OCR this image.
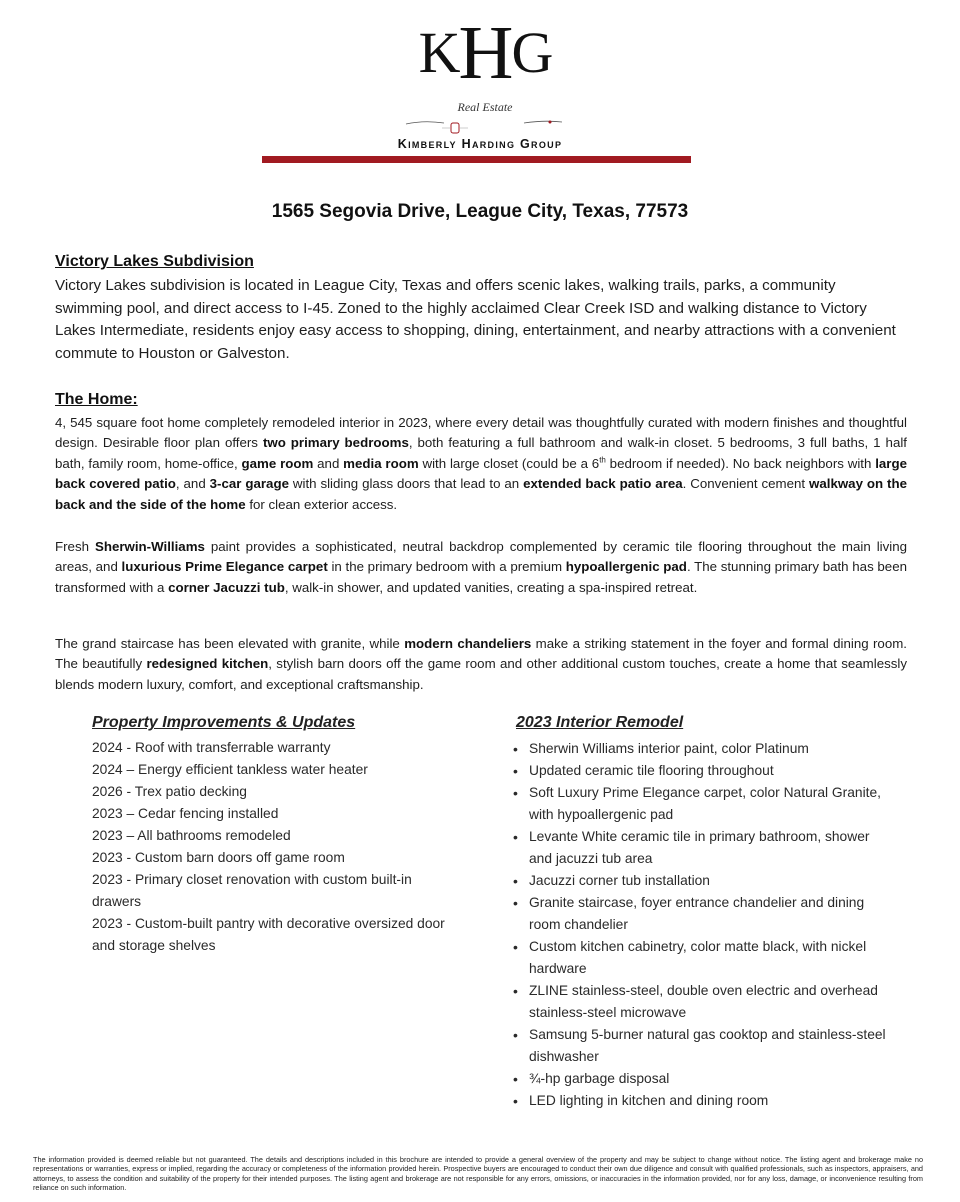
KHG
Real Estate
Kimberly Harding Group
1565 Segovia Drive, League City, Texas, 77573
Victory Lakes Subdivision
Victory Lakes subdivision is located in League City, Texas and offers scenic lakes, walking trails, parks, a community swimming pool, and direct access to I-45. Zoned to the highly acclaimed Clear Creek ISD and walking distance to Victory Lakes Intermediate, residents enjoy easy access to shopping, dining, entertainment, and nearby attractions with a convenient commute to Houston or Galveston.
The Home:
4, 545 square foot home completely remodeled interior in 2023, where every detail was thoughtfully curated with modern finishes and thoughtful design. Desirable floor plan offers two primary bedrooms, both featuring a full bathroom and walk-in closet. 5 bedrooms, 3 full baths, 1 half bath, family room, home-office, game room and media room with large closet (could be a 6th bedroom if needed). No back neighbors with large back covered patio, and 3-car garage with sliding glass doors that lead to an extended back patio area. Convenient cement walkway on the back and the side of the home for clean exterior access.
Fresh Sherwin-Williams paint provides a sophisticated, neutral backdrop complemented by ceramic tile flooring throughout the main living areas, and luxurious Prime Elegance carpet in the primary bedroom with a premium hypoallergenic pad. The stunning primary bath has been transformed with a corner Jacuzzi tub, walk-in shower, and updated vanities, creating a spa-inspired retreat.
The grand staircase has been elevated with granite, while modern chandeliers make a striking statement in the foyer and formal dining room. The beautifully redesigned kitchen, stylish barn doors off the game room and other additional custom touches, create a home that seamlessly blends modern luxury, comfort, and exceptional craftsmanship.
Property Improvements & Updates
2024 - Roof with transferrable warranty
2024 – Energy efficient tankless water heater
2026 - Trex patio decking
2023 – Cedar fencing installed
2023 – All bathrooms remodeled
2023 - Custom barn doors off game room
2023 - Primary closet renovation with custom built-in drawers
2023 - Custom-built pantry with decorative oversized door and storage shelves
2023 Interior Remodel
• Sherwin Williams interior paint, color Platinum
• Updated ceramic tile flooring throughout
• Soft Luxury Prime Elegance carpet, color Natural Granite, with hypoallergenic pad
• Levante White ceramic tile in primary bathroom, shower and jacuzzi tub area
• Jacuzzi corner tub installation
• Granite staircase, foyer entrance chandelier and dining room chandelier
• Custom kitchen cabinetry, color matte black, with nickel hardware
• ZLINE stainless-steel, double oven electric and overhead stainless-steel microwave
• Samsung 5-burner natural gas cooktop and stainless-steel dishwasher
• ¾-hp garbage disposal
• LED lighting in kitchen and dining room
The information provided is deemed reliable but not guaranteed. The details and descriptions included in this brochure are intended to provide a general overview of the property and may be subject to change without notice. The listing agent and brokerage make no representations or warranties, express or implied, regarding the accuracy or completeness of the information provided herein. Prospective buyers are encouraged to conduct their own due diligence and consult with qualified professionals, such as inspectors, appraisers, and attorneys, to assess the condition and suitability of the property for their intended purposes. The listing agent and brokerage are not responsible for any errors, omissions, or inaccuracies in the information provided, nor for any loss, damage, or inconvenience resulting from reliance on such information.
